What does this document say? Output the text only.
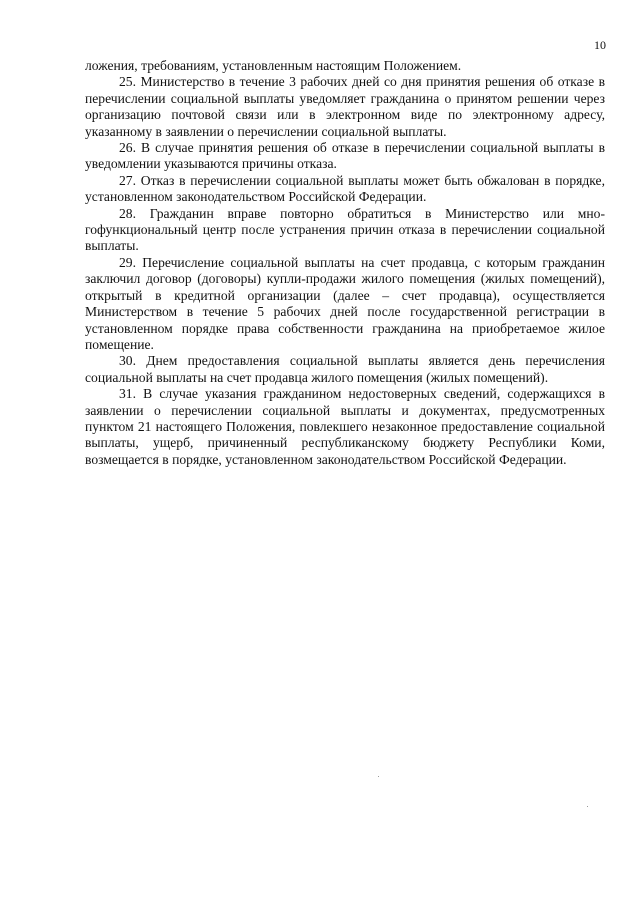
10

ложения, требованиям, установленным настоящим Положением.

25. Министерство в течение 3 рабочих дней со дня принятия решения об отказе в перечислении социальной выплаты уведомляет гражданина о принятом решении через организацию почтовой связи или в электронном виде по электронному адресу, указанному в заявлении о перечислении социальной выплаты.

26. В случае принятия решения об отказе в перечислении социальной выплаты в уведомлении указываются причины отказа.

27. Отказ в перечислении социальной выплаты может быть обжалован в порядке, установленном законодательством Российской Федерации.

28. Гражданин вправе повторно обратиться в Министерство или многофункциональный центр после устранения причин отказа в перечислении социальной выплаты.

29. Перечисление социальной выплаты на счет продавца, с которым гражданин заключил договор (договоры) купли-продажи жилого помещения (жилых помещений), открытый в кредитной организации (далее – счет продавца), осуществляется Министерством в течение 5 рабочих дней после государственной регистрации в установленном порядке права собственности гражданина на приобретаемое жилое помещение.

30. Днем предоставления социальной выплаты является день перечисления социальной выплаты на счет продавца жилого помещения (жилых помещений).

31. В случае указания гражданином недостоверных сведений, содержащихся в заявлении о перечислении социальной выплаты и документах, предусмотренных пунктом 21 настоящего Положения, повлекшего незаконное предоставление социальной выплаты, ущерб, причиненный республиканскому бюджету Республики Коми, возмещается в порядке, установленном законодательством Российской Федерации.
